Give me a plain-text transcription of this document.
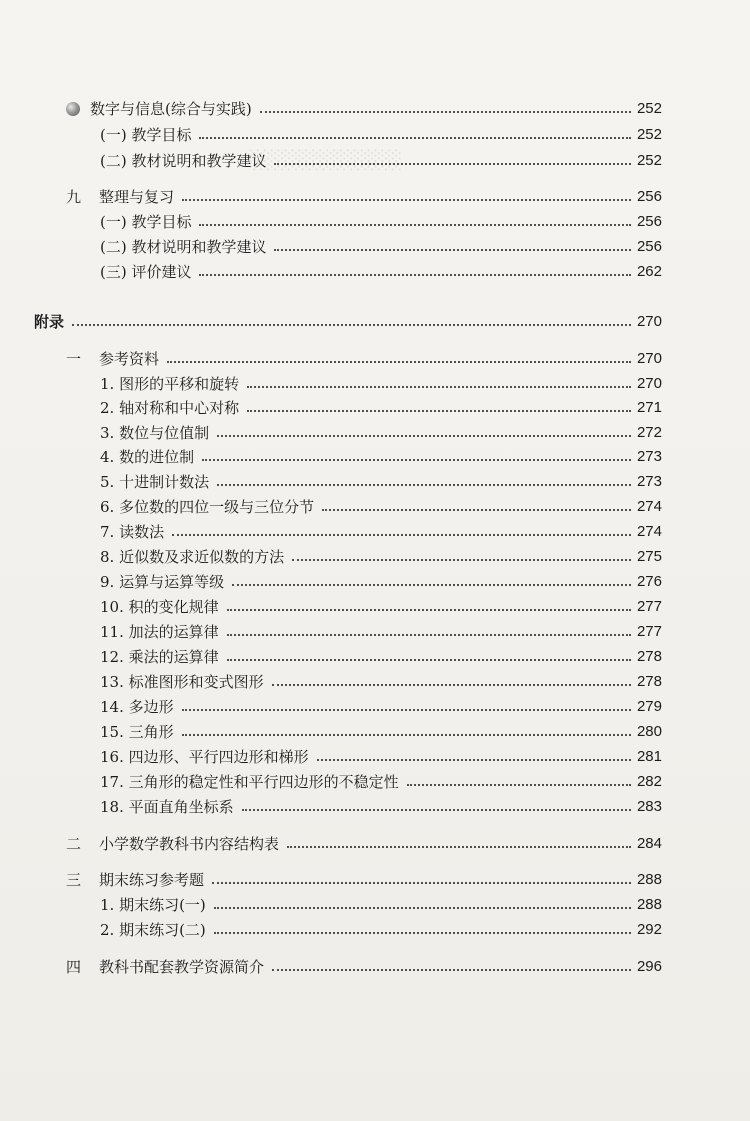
░░░░░░░░░░░
数字与信息(综合与实践)	252
(一) 教学目标	252
(二) 教材说明和教学建议	252
九	整理与复习	256
(一) 教学目标	256
(二) 教材说明和教学建议	256
(三) 评价建议	262
附录	270
一	参考资料	270
1. 图形的平移和旋转	270
2. 轴对称和中心对称	271
3. 数位与位值制	272
4. 数的进位制	273
5. 十进制计数法	273
6. 多位数的四位一级与三位分节	274
7. 读数法	274
8. 近似数及求近似数的方法	275
9. 运算与运算等级	276
10. 积的变化规律	277
11. 加法的运算律	277
12. 乘法的运算律	278
13. 标准图形和变式图形	278
14. 多边形	279
15. 三角形	280
16. 四边形、平行四边形和梯形	281
17. 三角形的稳定性和平行四边形的不稳定性	282
18. 平面直角坐标系	283
二	小学数学教科书内容结构表	284
三	期末练习参考题	288
1. 期末练习(一)	288
2. 期末练习(二)	292
四	教科书配套教学资源简介	296
